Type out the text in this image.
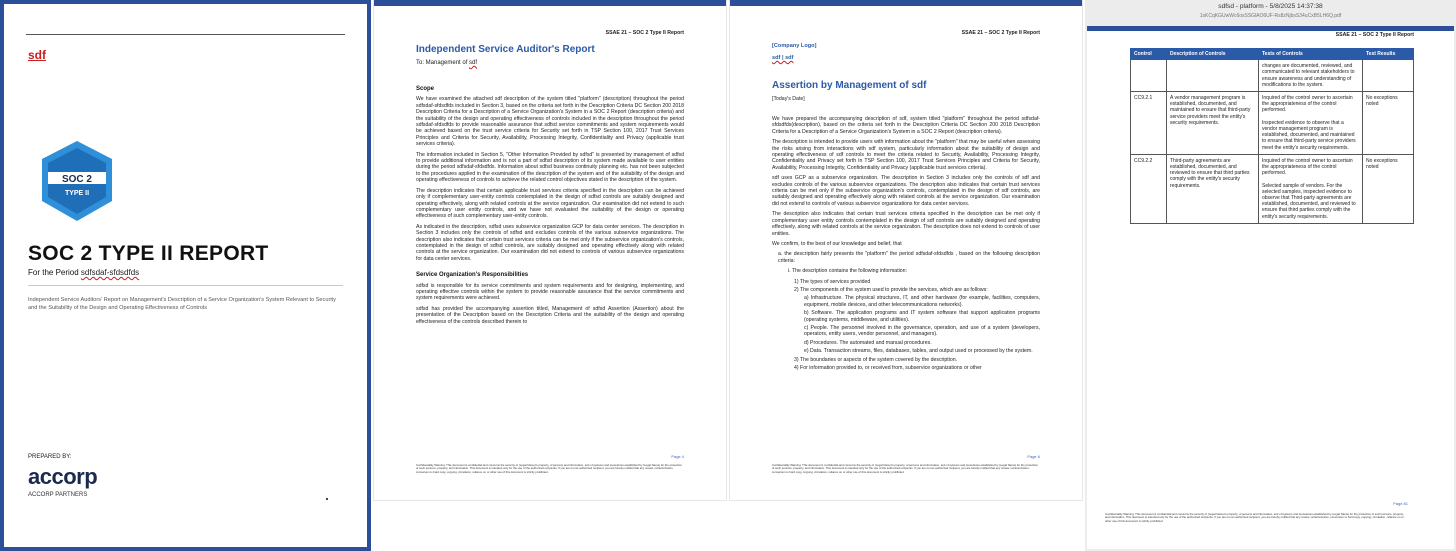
sdf
SOC 2
TYPE II
SOC 2 TYPE II REPORT
For the Period sdfsdaf-sfdsdfds
Independent Service Auditors' Report on Management's Description of a Service Organization's System Relevant to Security and the Suitability of the Design and Operating Effectiveness of Controls
PREPARED BY:
accorp
ACCORP PARTNERS
SSAE 21 – SOC 2 Type II Report
Independent Service Auditor's Report
To: Management of sdf
Scope

We have examined the attached sdf description of the system titled "platform" (description) throughout the period sdfsdaf-sfdsdfds included in Section 3, based on the criteria set forth in the Description Criteria DC Section 200 2018 Description Criteria for a Description of a Service Organization's System in a SOC 2 Report (description criteria) and the suitability of the design and operating effectiveness of controls included in the description throughout the period sdfsdaf-sfdsdfds to provide reasonable assurance that sdfsd service commitments and system requirements would be achieved based on the trust service criteria for Security set forth in TSP Section 100, 2017 Trust Services Principles and Criteria for Security, Availability, Processing Integrity, Confidentiality and Privacy (applicable trust services criteria).

The information included in Section 5, "Other Information Provided by sdfsd" is presented by management of sdfsd to provide additional information and is not a part of sdfsd description of its system made available to user entities during the period sdfsdaf-sfdsdfds. Information about sdfsd business continuity planning etc. has not been subjected to the procedures applied in the examination of the description of the system and of the suitability of the design and operating effectiveness of controls to achieve the related control objectives stated in the description of the system.

The description indicates that certain applicable trust services criteria specified in the description can be achieved only if complementary user-entity controls contemplated in the design of sdfsd controls are suitably designed and operating effectively, along with related controls at the service organization. Our examination did not extend to such complementary user entity controls, and we have not evaluated the suitability of the design or operating effectiveness of such complementary user-entity controls.

As indicated in the description, sdfsd uses subservice organization GCP for data center services. The description in Section 3 includes only the controls of sdfsd and excludes controls of the various subservice organizations. The description also indicates that certain trust services criteria can be met only if the subservice organization's controls, contemplated in the design of sdfsd controls, are suitably designed and operating effectively along with related controls at the service organization. Our examination did not extend to controls of various subservice organizations for data center services.

Service Organization's Responsibilities

sdfsd is responsible for its service commitments and system requirements and for designing, implementing, and operating effective controls within the system to provide reasonable assurance that the service commitments and system requirements were achieved.

sdfsd has provided the accompanying assertion titled, Management of sdfsd Assertion (Assertion) about the presentation of the Description based on the Description Criteria and the suitability of the design and operating effectiveness of the controls described therein to

Page 4
Confidentiality Warning: This document is confidential and concerns the security of (Legal Name)'s property, of persons and information, and of systems and procedures established by (Legal Name) for the protection of such persons, property, and information. This document is intended only for the use of the authorized recipients. If you are not an authorized recipient, you are hereby notified that any review, retransmission, conversion to hard copy, copying, circulation, reliance on or other use of this document is strictly prohibited.
SSAE 21 – SOC 2 Type II Report
[Company Logo]
sdf | sdf
Assertion by Management of sdf
[Today's Date]

We have prepared the accompanying description of sdf, system titled "platform" throughout the period sdfsdaf-sfdsdfds(description), based on the criteria set forth in the Description Criteria DC Section 200 2018 Description Criteria for a Description of a Service Organization's System in a SOC 2 Report (description criteria).

The description is intended to provide users with information about the "platform" that may be useful when assessing the risks arising from interactions with sdf system, particularly information about the suitability of design and operating effectiveness of sdf controls to meet the criteria related to Security, Availability, Processing Integrity, Confidentiality and Privacy set forth in TSP Section 100, 2017 Trust Services Principles and Criteria for Security, Availability, Processing Integrity, Confidentiality and Privacy (applicable trust services criteria).

sdf uses GCP as a subservice organization. The description in Section 3 includes only the controls of sdf and excludes controls of the various subservice organizations. The description also indicates that certain trust services criteria can be met only if the subservice organization's controls, contemplated in the design of sdf controls, are suitably designed and operating effectively along with related controls at the service organization. Our examination did not extend to controls of various subservice organizations for data center services.

The description also indicates that certain trust services criteria specified in the description can be met only if complementary user entity controls contemplated in the design of sdf controls are suitably designed and operating effectively, along with related controls at the service organization. The description does not extend to controls of user entities.

We confirm, to the best of our knowledge and belief, that

a. the description fairly presents the "platform" the period sdfsdaf-sfdsdfds , based on the following description criteria:

i. The description contains the following information:

1) The types of services provided

2) The components of the system used to provide the services, which are as follows:

a) Infrastructure. The physical structures, IT, and other hardware (for example, facilities, computers, equipment, mobile devices, and other telecommunications networks).

b) Software. The application programs and IT system software that support application programs (operating systems, middleware, and utilities).

c) People. The personnel involved in the governance, operation, and use of a system (developers, operators, entity users, vendor personnel, and managers).

d) Procedures. The automated and manual procedures.

e) Data. Transaction streams, files, databases, tables, and output used or processed by the system.

3) The boundaries or aspects of the system covered by the description.

4) For information provided to, or received from, subservice organizations or other

Page 6
Confidentiality Warning: This document is confidential and concerns the security of (Legal Name)'s property, of persons and information, and of systems and procedures established by (Legal Name) for the protection of such persons, property, and information. This document is intended only for the use of the authorized recipients. If you are not an authorized recipient, you are hereby notified that any review, retransmission, conversion to hard copy, copying, circulation, reliance on or other use of this document is strictly prohibited.
sdfsd - platform - 5/8/2025 14:37:38
1sKCqKGUwWc6osSSGlAO6UF-Rs8zNjbsS34uCxB5LH6Q.pdf
SSAE 21 – SOC 2 Type II Report
Control	Description of Controls	Tests of Controls	Test Results
		changes are documented, reviewed, and communicated to relevant stakeholders to ensure awareness and understanding of modifications to the system.	
CC9.2.1	A vendor management program is established, documented, and maintained to ensure that third-party service providers meet the entity's security requirements.	Inquired of the control owner to ascertain the appropriateness of the control performed.

Inspected evidence to observe that a vendor management program is established, documented, and maintained to ensure that third-party service providers meet the entity's security requirements.	No exceptions noted
CC9.2.2	Third-party agreements are established, documented, and reviewed to ensure that third parties comply with the entity's security requirements.	Inquired of the control owner to ascertain the appropriateness of the control performed.

Selected sample of vendors. For the selected samples, inspected evidence to observe that Third-party agreements are established, documented, and reviewed to ensure that third parties comply with the entity's security requirements.	No exceptions noted
Page 81
Confidentiality Warning: This document is confidential and concerns the security of (Legal Name)'s property, of persons and information, and of systems and procedures established by (Legal Name) for the protection of such persons, property, and information. This document is intended only for the use of the authorized recipients. If you are not an authorized recipient, you are hereby notified that any review, retransmission, conversion to hard copy, copying, circulation, reliance on or other use of this document is strictly prohibited.
